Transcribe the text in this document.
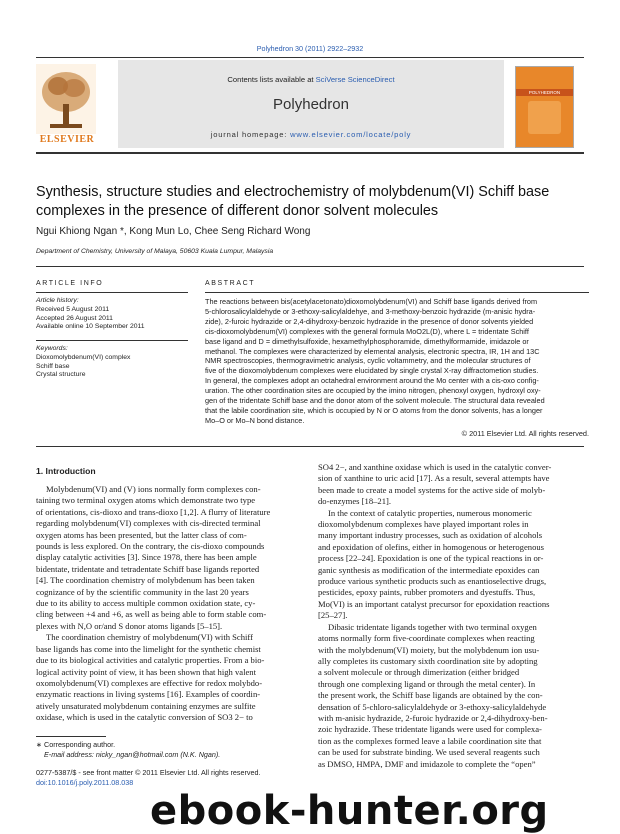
Polyhedron 30 (2011) 2922–2932
ELSEVIER
Contents lists available at SciVerse ScienceDirect
Polyhedron
journal homepage: www.elsevier.com/locate/poly
POLYHEDRON
Synthesis, structure studies and electrochemistry of molybdenum(VI) Schiff base complexes in the presence of different donor solvent molecules
Ngui Khiong Ngan *, Kong Mun Lo, Chee Seng Richard Wong
Department of Chemistry, University of Malaya, 50603 Kuala Lumpur, Malaysia
ARTICLE INFO
Article history:
Received 5 August 2011
Accepted 26 August 2011
Available online 10 September 2011
Keywords:
Dioxomolybdenum(VI) complex
Schiff base
Crystal structure
ABSTRACT
The reactions between bis(acetylacetonato)dioxomolybdenum(VI) and Schiff base ligands derived from
5-chlorosalicylaldehyde or 3-ethoxy-salicylaldehye, and 3-methoxy-benzoic hydrazide (m-anisic hydra-
zide), 2-furoic hydrazide or 2,4-dihydroxy-benzoic hydrazide in the presence of donor solvents yielded
cis-dioxomolybdenum(VI) complexes with the general formula MoO2L(D), where L = tridentate Schiff
base ligand and D = dimethylsulfoxide, hexamethylphosphoramide, dimethylformamide, imidazole or
methanol. The complexes were characterized by elemental analysis, electronic spectra, IR, 1H and 13C
NMR spectroscopies, thermogravimetric analysis, cyclic voltammetry, and the molecular structures of
five of the dioxomolybdenum complexes were elucidated by single crystal X-ray diffractometion studies.
In general, the complexes adopt an octahedral environment around the Mo center with a cis-oxo config-
uration. The other coordination sites are occupied by the imino nitrogen, phenoxyl oxygen, hydroxyl oxy-
gen of the tridentate Schiff base and the donor atom of the solvent molecule. The structural data revealed
that the labile coordination site, which is occupied by N or O atoms from the donor solvents, has a longer
Mo–O or Mo–N bond distance.
© 2011 Elsevier Ltd. All rights reserved.
1. Introduction
Molybdenum(VI) and (V) ions normally form complexes con-
taining two terminal oxygen atoms which demonstrate two type
of orientations, cis-dioxo and trans-dioxo [1,2]. A flurry of literature
regarding molybdenum(VI) complexes with cis-directed terminal
oxygen atoms has been presented, but the latter class of com-
pounds is less explored. On the contrary, the cis-dioxo compounds
display catalytic activities [3]. Since 1978, there has been ample
bidentate, tridentate and tetradentate Schiff base ligands reported
[4]. The coordination chemistry of molybdenum has been taken
cognizance of by the scientific community in the last 20 years
due to its ability to access multiple common oxidation state, cy-
cling between +4 and +6, as well as being able to form stable com-
plexes with N,O or/and S donor atoms ligands [5–15].
The coordination chemistry of molybdenum(VI) with Schiff
base ligands has come into the limelight for the synthetic chemist
due to its biological activities and catalytic properties. From a bio-
logical activity point of view, it has been shown that high valent
oxomolybdenum(VI) complexes are effective for redox molybdo-
enzymatic reactions in living systems [16]. Examples of coordin-
atively unsaturated molybdenum containing enzymes are sulfite
oxidase, which is used in the catalytic conversion of SO3 2− to
SO4 2−, and xanthine oxidase which is used in the catalytic conver-
sion of xanthine to uric acid [17]. As a result, several attempts have
been made to create a model systems for the active side of molyb-
do-enzymes [18–21].
In the context of catalytic properties, numerous monomeric
dioxomolybdenum complexes have played important roles in
many important industry processes, such as oxidation of alcohols
and epoxidation of olefins, either in homogenous or heterogenous
process [22–24]. Epoxidation is one of the typical reactions in or-
ganic synthesis as modification of the intermediate epoxides can
produce various synthetic products such as enantioselective drugs,
pesticides, epoxy paints, rubber promoters and dyestuffs. Thus,
Mo(VI) is an important catalyst precursor for epoxidation reactions
[25–27].
Dibasic tridentate ligands together with two terminal oxygen
atoms normally form five-coordinate complexes when reacting
with the molybdenum(VI) moiety, but the molybdenum ion usu-
ally completes its customary sixth coordination site by adopting
a solvent molecule or through dimerization (either bridged
through one complexing ligand or through the metal center). In
the present work, the Schiff base ligands are obtained by the con-
densation of 5-chloro-salicylaldehyde or 3-ethoxy-salicylaldehyde
with m-anisic hydrazide, 2-furoic hydrazide or 2,4-dihydroxy-ben-
zoic hydrazide. These tridentate ligands were used for complexa-
tion as the complexes formed leave a labile coordination site that
can be used for substrate binding. We used several reagents such
as DMSO, HMPA, DMF and imidazole to complete the “open”
∗ Corresponding author.
E-mail address: nicky_ngan@hotmail.com (N.K. Ngan).
0277-5387/$ - see front matter © 2011 Elsevier Ltd. All rights reserved.
doi:10.1016/j.poly.2011.08.038
ebook-hunter.org
